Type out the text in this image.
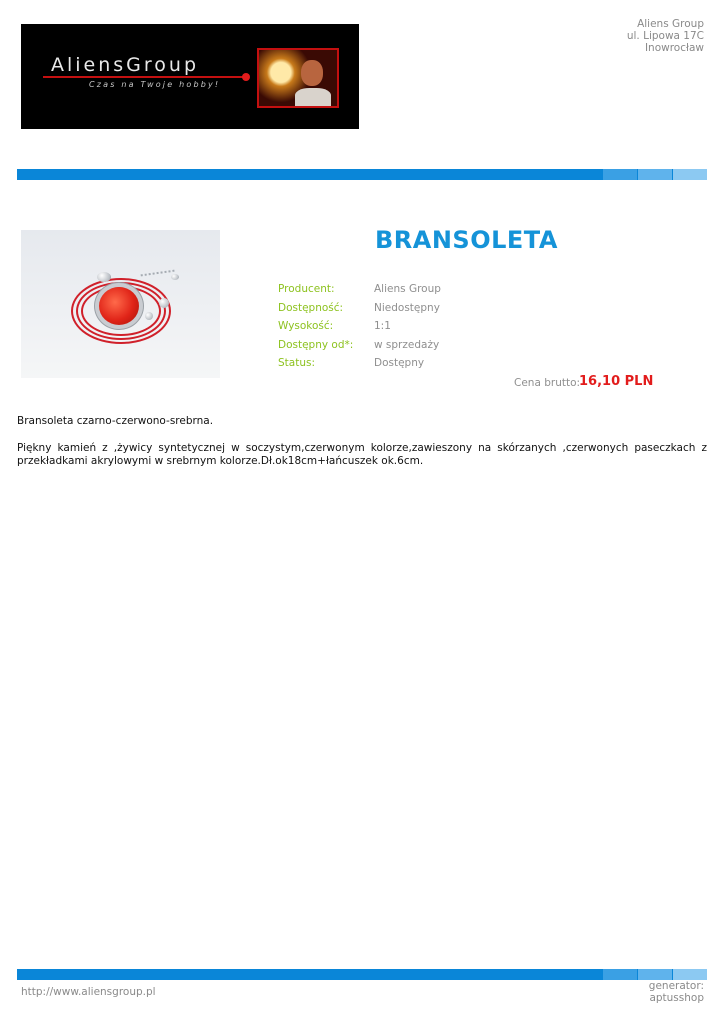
AliensGroup
Czas na Twoje hobby!
Aliens Group
ul. Lipowa 17C
Inowrocław
BRANSOLETA
Producent:	Aliens Group
Dostępność:	Niedostępny
Wysokość:	1:1
Dostępny od*: w sprzedaży
Status:	Dostępny
Cena brutto:
16,10 PLN
Bransoleta czarno-czerwono-srebrna.
Piękny kamień z ,żywicy syntetycznej w soczystym,czerwonym kolorze,zawieszony na skórzanych ,czerwonych paseczkach z przekładkami akrylowymi w srebrnym kolorze.Dł.ok18cm+łańcuszek ok.6cm.
http://www.aliensgroup.pl	generator:
aptusshop
